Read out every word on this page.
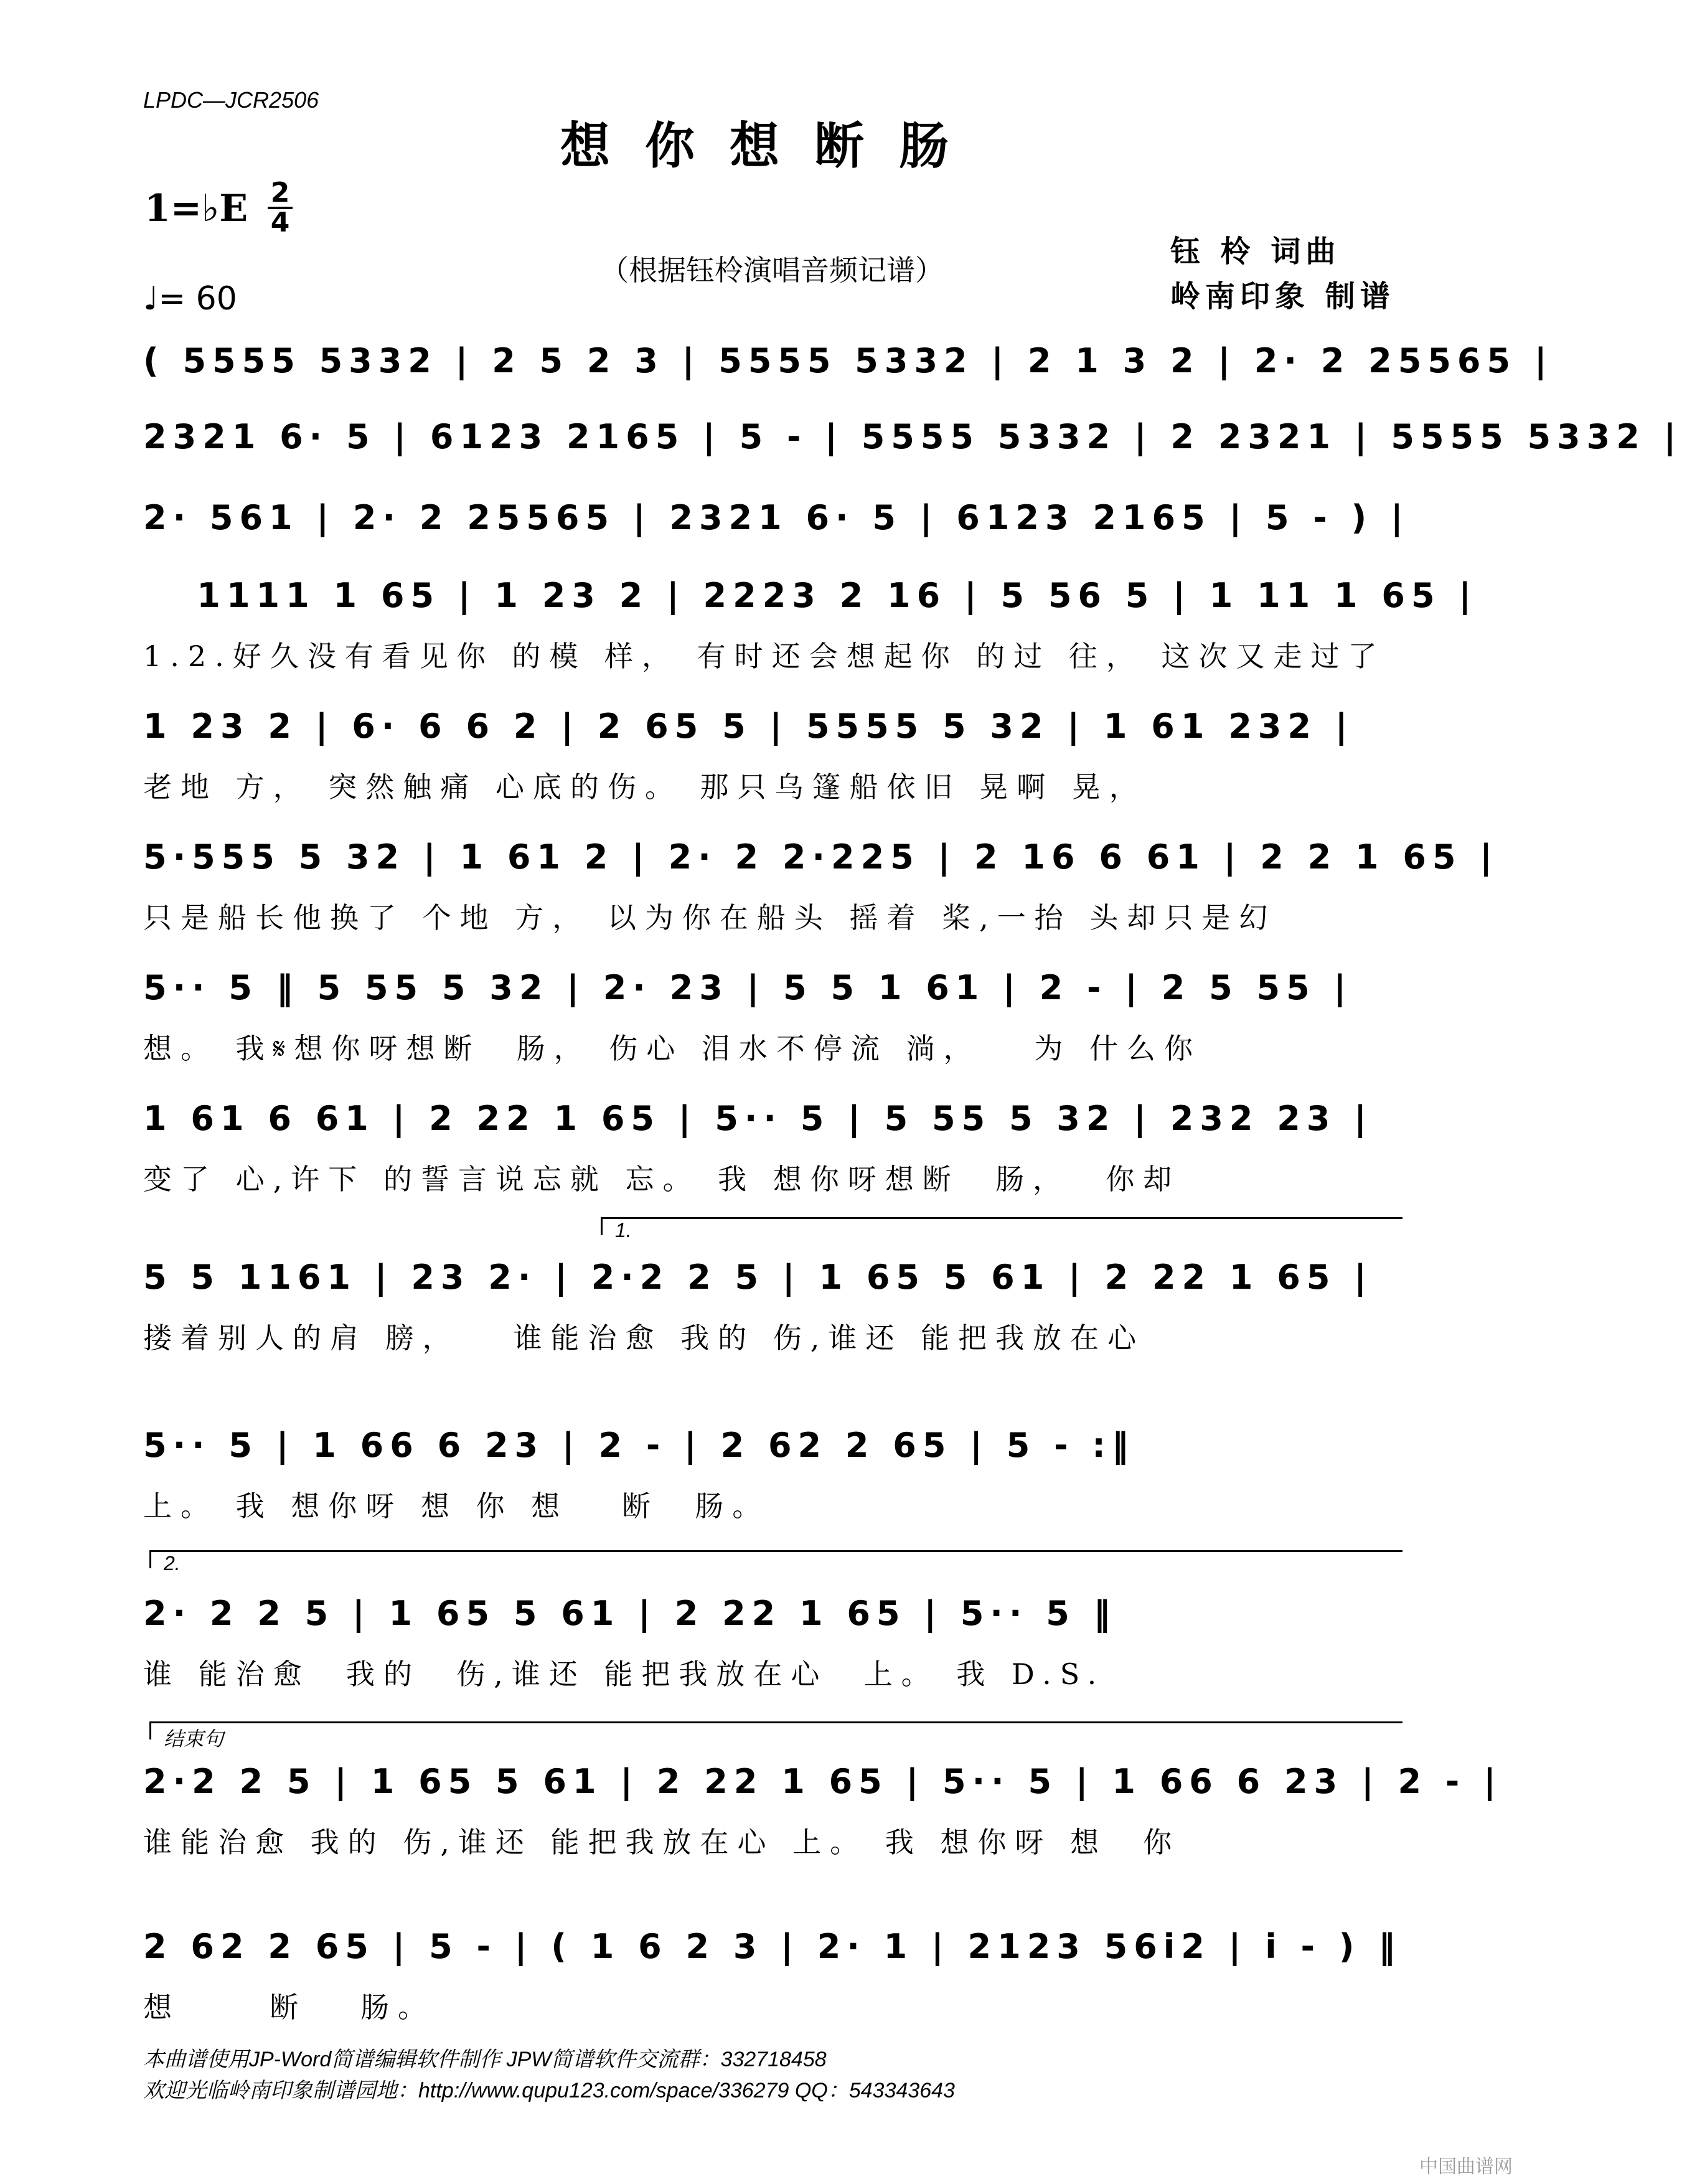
LPDC—JCR2506
想你想断肠
1=♭E 2
4
♩= 60
（根据钰柃演唱音频记谱）
钰 柃 词曲
岭南印象 制谱
( 5555 5332 | 2 5 2 3 | 5555 5332 | 2 1 3 2 | 2· 2 25565 |
2321 6· 5 | 6123 2165 | 5 - | 5555 5332 | 2 2321 | 5555 5332 |
2· 561 | 2· 2 25565 | 2321 6· 5 | 6123 2165 | 5 - ) |
1111 1 65 | 1 23 2 | 2223 2 16 | 5 56 5 | 1 11 1 65 |
1.2.好久没有看见你 的模 样， 有时还会想起你 的过 往， 这次又走过了
1 23 2 | 6· 6 6 2 | 2 65 5 | 5555 5 32 | 1 61 232 |
老地 方， 突然触痛 心底的伤。 那只乌篷船依旧 晃啊 晃，
5·555 5 32 | 1 61 2 | 2· 2 2·225 | 2 16 6 61 | 2 2 1 65 |
只是船长他换了 个地 方， 以为你在船头 摇着 桨,一抬 头却只是幻
5·· 5 ‖ 5 55 5 32 | 2· 23 | 5 5 1 61 | 2 - | 2 5 55 |
想。 我𝄋想你呀想断  肠， 伤心 泪水不停流 淌，   为 什么你
1 61 6 61 | 2 22 1 65 | 5·· 5 | 5 55 5 32 | 232 23 |
变了 心,许下 的誓言说忘就 忘。 我 想你呀想断  肠，  你却
1.
5 5 1161 | 23 2· | 2·2 2 5 | 1 65 5 61 | 2 22 1 65 |
搂着别人的肩 膀，   谁能治愈 我的 伤,谁还 能把我放在心
5·· 5 | 1 66 6 23 | 2 - | 2 62 2 65 | 5 - :‖
上。 我 想你呀 想 你 想   断  肠。
2.
2· 2 2 5 | 1 65 5 61 | 2 22 1 65 | 5·· 5 ‖
谁 能治愈  我的  伤,谁还 能把我放在心  上。 我 D.S.
结束句
2·2 2 5 | 1 65 5 61 | 2 22 1 65 | 5·· 5 | 1 66 6 23 | 2 - |
谁能治愈 我的 伤,谁还 能把我放在心 上。 我 想你呀 想  你
2 62 2 65 | 5 - | ( 1 6 2 3 | 2· 1 | 2123 56i2 | i - ) ‖
想     断   肠。
本曲谱使用JP-Word简谱编辑软件制作 JPW简谱软件交流群：332718458
欢迎光临岭南印象制谱园地：http://www.qupu123.com/space/336279 QQ：543343643
中国曲谱网
